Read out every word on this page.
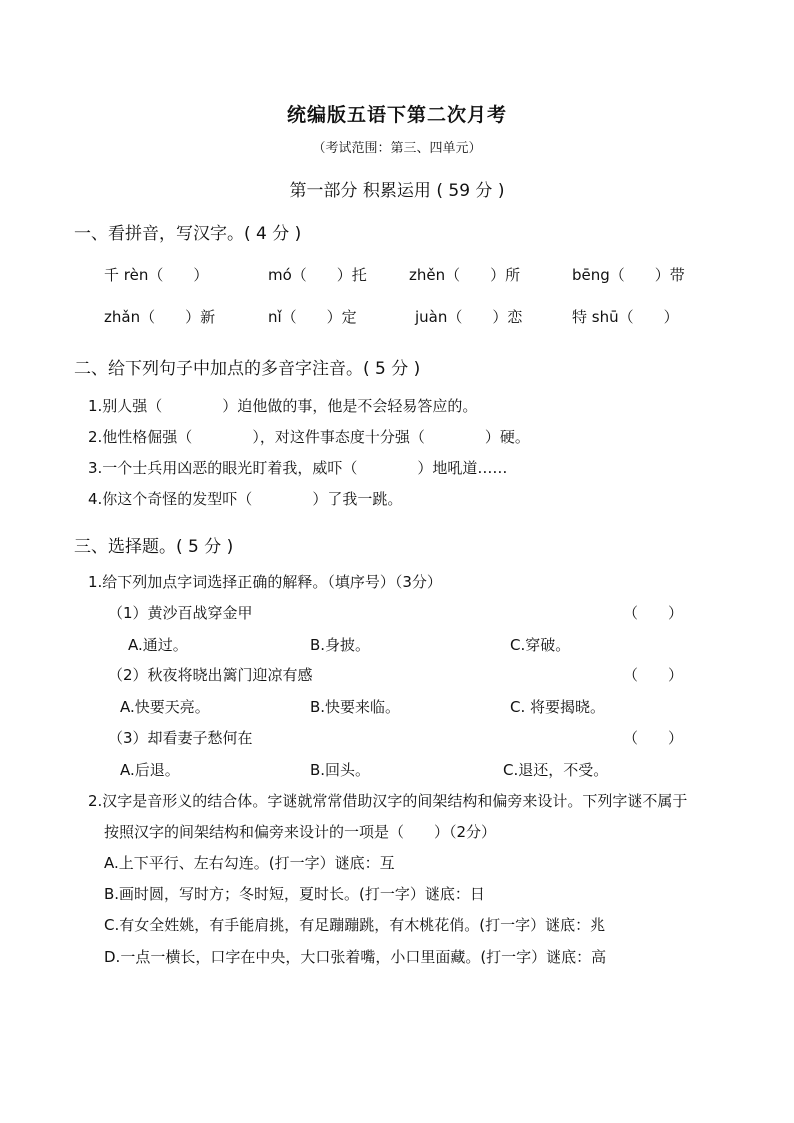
统编版五语下第二次月考
（考试范围：第三、四单元）
第一部分 积累运用 ( 59 分 )
一、看拼音，写汉字。( 4 分 )
千 rèn（　　）	mó（　　）托	zhěn（　　）所	bēng（　　）带
zhǎn（　　）新	nǐ（　　）定	juàn（　　）恋	特 shū（　　）
二、给下列句子中加点的多音字注音。( 5 分 )
1.别人强（　　　　）迫他做的事，他是不会轻易答应的。
2.他性格倔强（　　　　），对这件事态度十分强（　　　　）硬。
3.一个士兵用凶恶的眼光盯着我，威吓（　　　　）地吼道……
4.你这个奇怪的发型吓（　　　　）了我一跳。
三、选择题。( 5 分 )
1.给下列加点字词选择正确的解释。（填序号）（3分）
（1）黄沙百战穿金甲	（　　）
A.通过。	B.身披。	C.穿破。
（2）秋夜将晓出篱门迎凉有感	（　　）
A.快要天亮。	B.快要来临。	C. 将要揭晓。
（3）却看妻子愁何在	（　　）
A.后退。	B.回头。	C.退还，不受。
2.汉字是音形义的结合体。字谜就常常借助汉字的间架结构和偏旁来设计。下列字谜不属于
按照汉字的间架结构和偏旁来设计的一项是（　　）（2分）
A.上下平行、左右勾连。(打一字）谜底：互
B.画时圆，写时方；冬时短，夏时长。(打一字）谜底：日
C.有女全姓姚，有手能肩挑，有足蹦蹦跳，有木桃花俏。(打一字）谜底：兆
D.一点一横长，口字在中央，大口张着嘴，小口里面藏。(打一字）谜底：高
